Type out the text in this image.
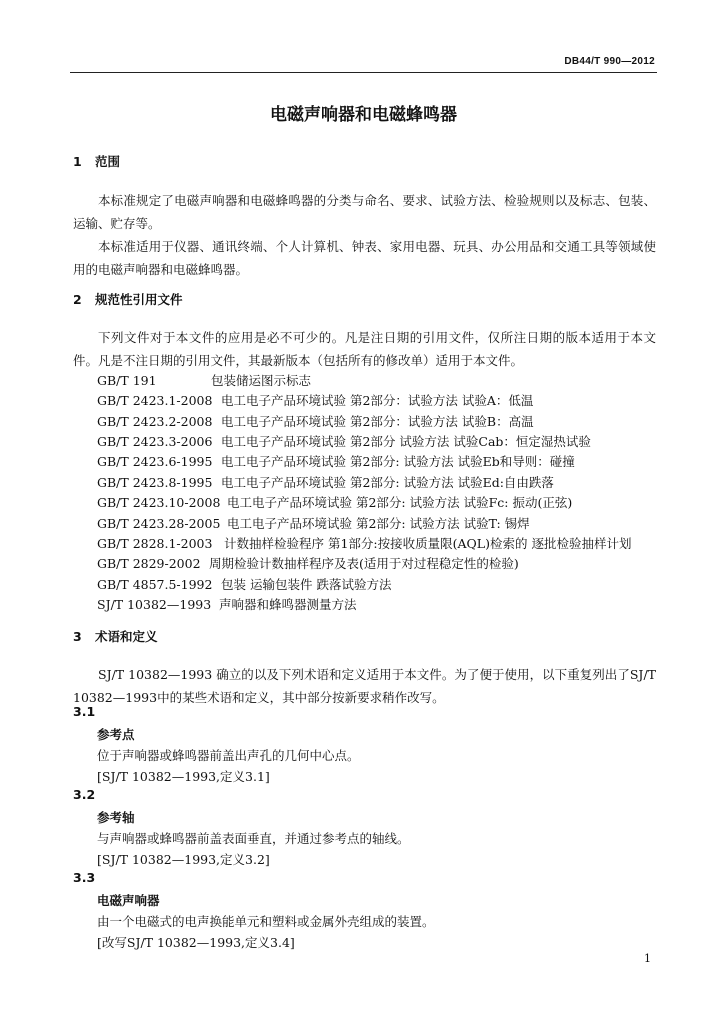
DB44/T 990—2012
电磁声响器和电磁蜂鸣器
1 范围
本标准规定了电磁声响器和电磁蜂鸣器的分类与命名、要求、试验方法、检验规则以及标志、包装、运输、贮存等。
本标准适用于仪器、通讯终端、个人计算机、钟表、家用电器、玩具、办公用品和交通工具等领域使用的电磁声响器和电磁蜂鸣器。
2 规范性引用文件
下列文件对于本文件的应用是必不可少的。凡是注日期的引用文件，仅所注日期的版本适用于本文件。凡是不注日期的引用文件，其最新版本（包括所有的修改单）适用于本文件。
GB/T 191	包装储运图示标志
GB/T 2423.1-2008 电工电子产品环境试验 第2部分：试验方法 试验A：低温
GB/T 2423.2-2008 电工电子产品环境试验 第2部分：试验方法 试验B：高温
GB/T 2423.3-2006 电工电子产品环境试验 第2部分 试验方法 试验Cab：恒定湿热试验
GB/T 2423.6-1995 电工电子产品环境试验 第2部分: 试验方法 试验Eb和导则：碰撞
GB/T 2423.8-1995 电工电子产品环境试验 第2部分: 试验方法 试验Ed:自由跌落
GB/T 2423.10-2008 电工电子产品环境试验 第2部分: 试验方法 试验Fc: 振动(正弦)
GB/T 2423.28-2005 电工电子产品环境试验 第2部分: 试验方法 试验T: 锡焊
GB/T 2828.1-2003 计数抽样检验程序 第1部分:按接收质量限(AQL)检索的 逐批检验抽样计划
GB/T 2829-2002 周期检验计数抽样程序及表(适用于对过程稳定性的检验)
GB/T 4857.5-1992 包装 运输包装件 跌落试验方法
SJ/T 10382—1993 声响器和蜂鸣器测量方法
3 术语和定义
SJ/T 10382—1993 确立的以及下列术语和定义适用于本文件。为了便于使用，以下重复列出了SJ/T 10382—1993中的某些术语和定义，其中部分按新要求稍作改写。
3.1
参考点
位于声响器或蜂鸣器前盖出声孔的几何中心点。
[SJ/T 10382—1993,定义3.1]
3.2
参考轴
与声响器或蜂鸣器前盖表面垂直，并通过参考点的轴线。
[SJ/T 10382—1993,定义3.2]
3.3
电磁声响器
由一个电磁式的电声换能单元和塑料或金属外壳组成的装置。
[改写SJ/T 10382—1993,定义3.4]
1
